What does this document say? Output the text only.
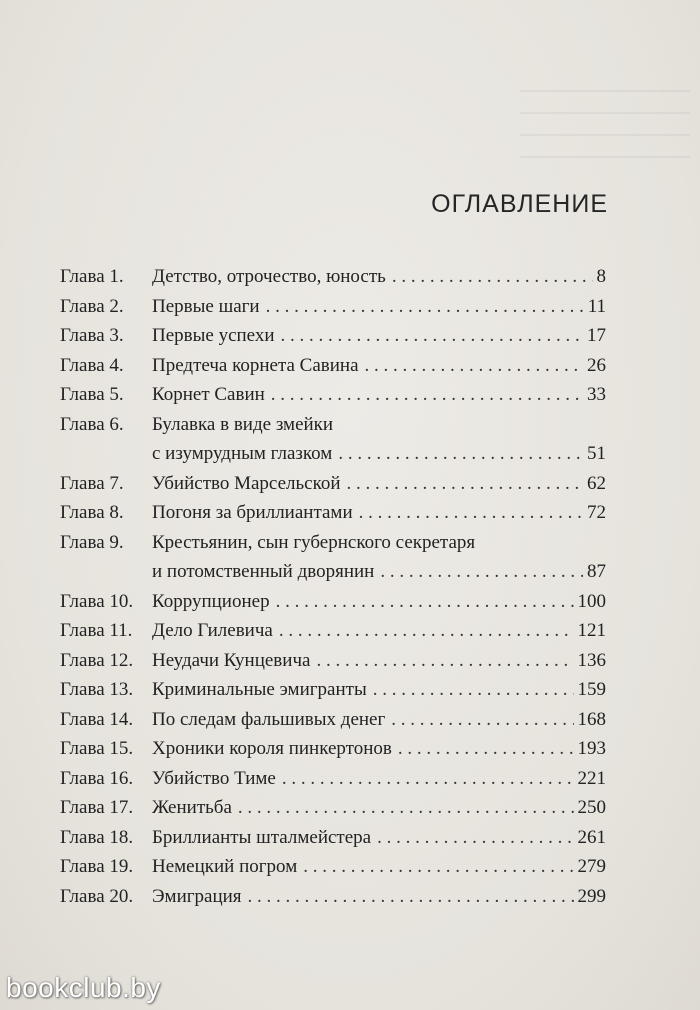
ОГЛАВЛЕНИЕ
Глава 1.	Детство, отрочество, юность . . .	8
Глава 2.	Первые шаги . . .	11
Глава 3.	Первые успехи . . .	17
Глава 4.	Предтеча корнета Савина . . .	26
Глава 5.	Корнет Савин . . .	33
Глава 6.	Булавка в виде змейки
с изумрудным глазком . . .	51
Глава 7.	Убийство Марсельской . . .	62
Глава 8.	Погоня за бриллиантами . . .	72
Глава 9.	Крестьянин, сын губернского секретаря
и потомственный дворянин . . .	87
Глава 10. Коррупционер . . .	100
Глава 11.	Дело Гилевича . . .	121
Глава 12. Неудачи Кунцевича . . .	136
Глава 13. Криминальные эмигранты . . .	159
Глава 14. По следам фальшивых денег . . .	168
Глава 15. Хроники короля пинкертонов . . .	193
Глава 16. Убийство Тиме . . .	221
Глава 17. Женитьба . . .	250
Глава 18. Бриллианты шталмейстера . . .	261
Глава 19. Немецкий погром . . .	279
Глава 20. Эмиграция . . .	299
bookclub.by
